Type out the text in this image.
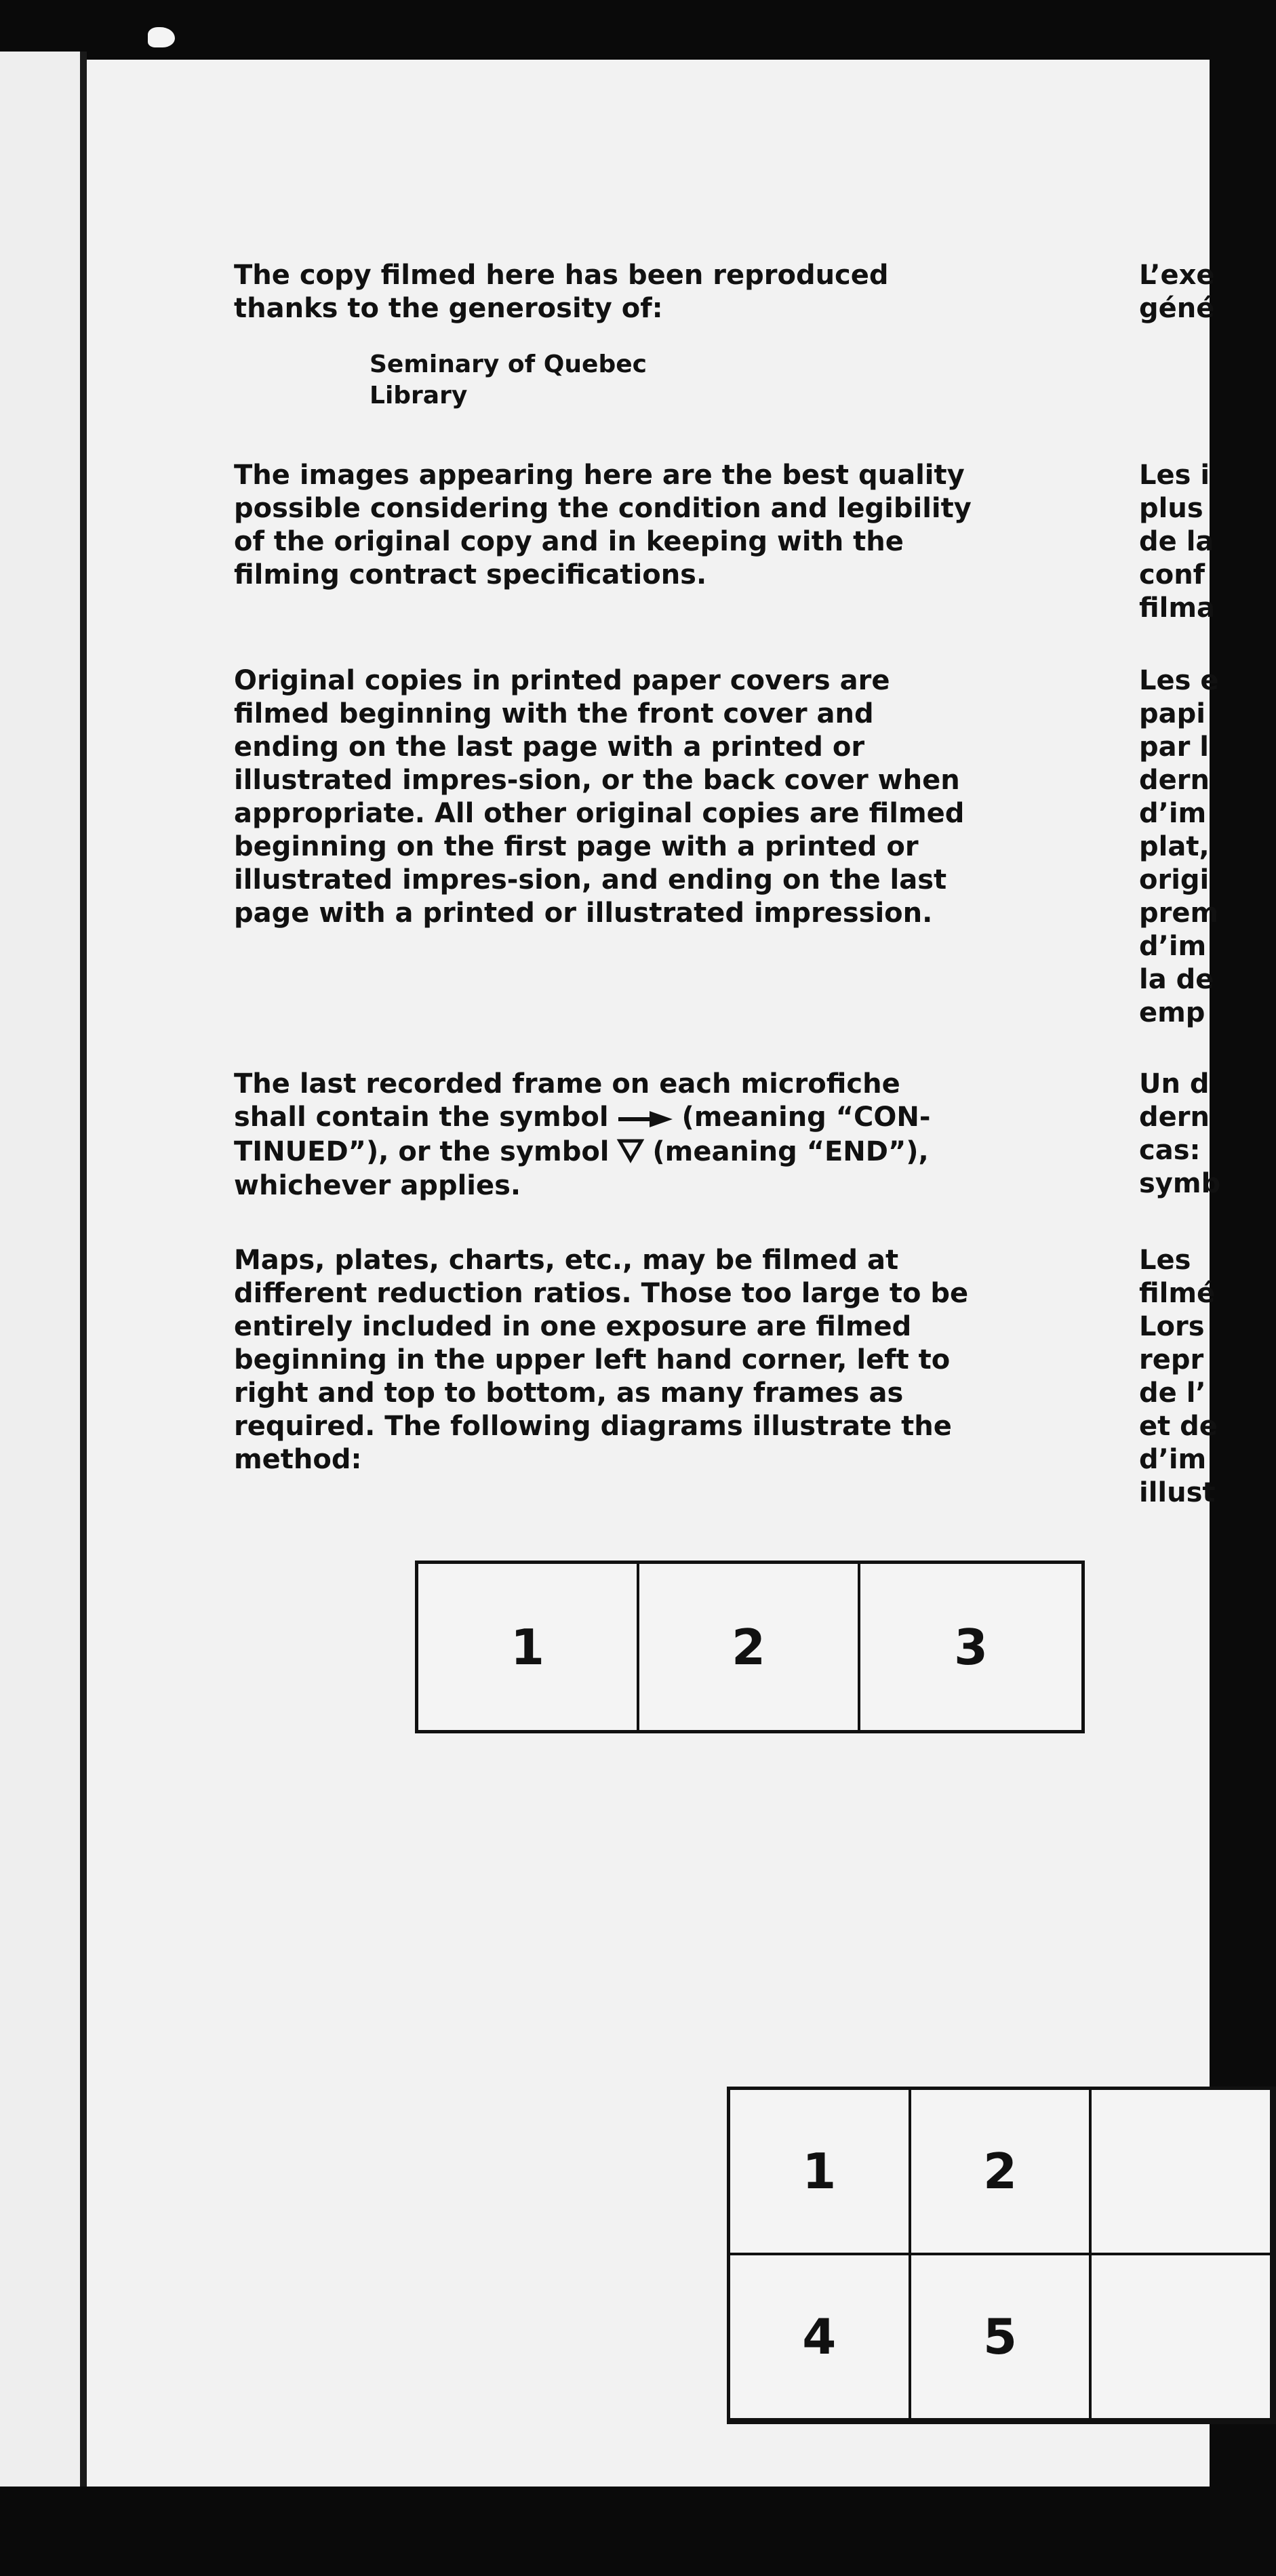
The copy filmed here has been reproduced thanks to the generosity of:

Seminary of Quebec
Library

The images appearing here are the best quality possible considering the condition and legibility of the original copy and in keeping with the filming contract specifications.

Original copies in printed paper covers are filmed beginning with the front cover and ending on the last page with a printed or illustrated impres-sion, or the back cover when appropriate. All other original copies are filmed beginning on the first page with a printed or illustrated impres-sion, and ending on the last page with a printed or illustrated impression.

The last recorded frame on each microfiche shall contain the symbol	(meaning “CON-TINUED”), or the symbol (meaning “END”), whichever applies.

Maps, plates, charts, etc., may be filmed at different reduction ratios. Those too large to be entirely included in one exposure are filmed beginning in the upper left hand corner, left to right and top to bottom, as many frames as required. The following diagrams illustrate the method:

L’exe
géné
Les i
plus
de la
conf
filma
Les e
papi
par l
dern
d’im
plat,
origi
prem
d’im
la de
emp
Un d
dern
cas:
symb
Les
filmé
Lors
repr
de l’
et de
d’im
illust
1	2	3
1	2
4	5
